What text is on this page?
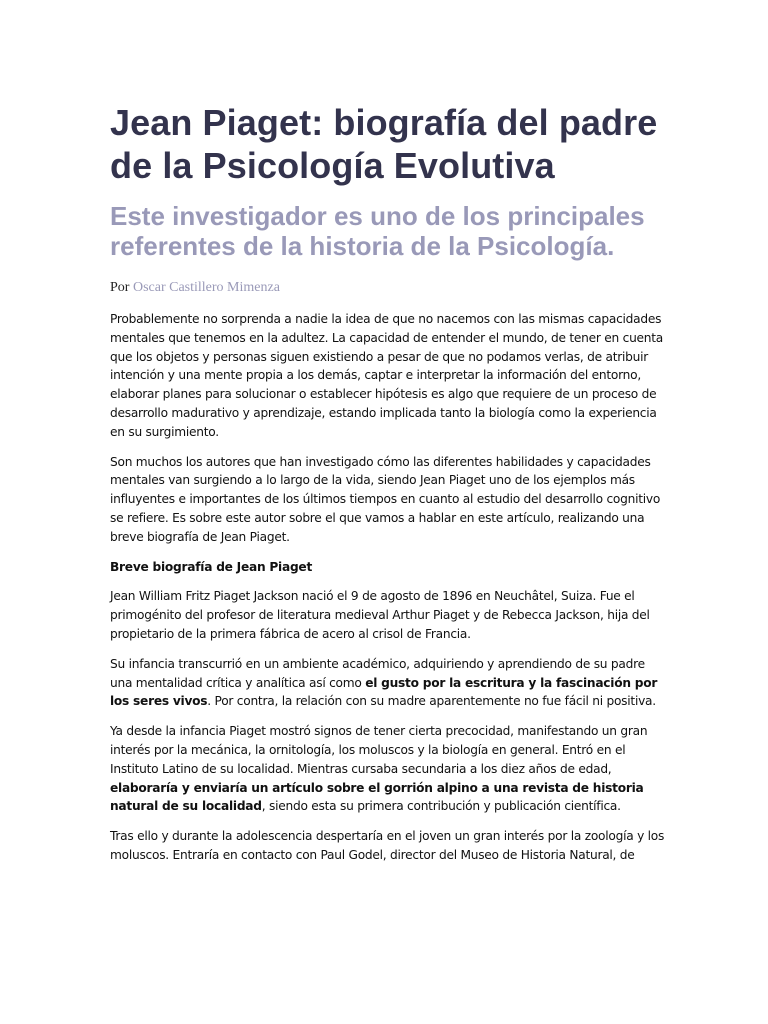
Jean Piaget: biografía del padre de la Psicología Evolutiva
Este investigador es uno de los principales referentes de la historia de la Psicología.
Por Oscar Castillero Mimenza

Probablemente no sorprenda a nadie la idea de que no nacemos con las mismas capacidades mentales que tenemos en la adultez. La capacidad de entender el mundo, de tener en cuenta que los objetos y personas siguen existiendo a pesar de que no podamos verlas, de atribuir intención y una mente propia a los demás, captar e interpretar la información del entorno, elaborar planes para solucionar o establecer hipótesis es algo que requiere de un proceso de desarrollo madurativo y aprendizaje, estando implicada tanto la biología como la experiencia en su surgimiento.

Son muchos los autores que han investigado cómo las diferentes habilidades y capacidades mentales van surgiendo a lo largo de la vida, siendo Jean Piaget uno de los ejemplos más influyentes e importantes de los últimos tiempos en cuanto al estudio del desarrollo cognitivo se refiere. Es sobre este autor sobre el que vamos a hablar en este artículo, realizando una breve biografía de Jean Piaget.

Breve biografía de Jean Piaget

Jean William Fritz Piaget Jackson nació el 9 de agosto de 1896 en Neuchâtel, Suiza. Fue el primogénito del profesor de literatura medieval Arthur Piaget y de Rebecca Jackson, hija del propietario de la primera fábrica de acero al crisol de Francia.

Su infancia transcurrió en un ambiente académico, adquiriendo y aprendiendo de su padre una mentalidad crítica y analítica así como el gusto por la escritura y la fascinación por los seres vivos. Por contra, la relación con su madre aparentemente no fue fácil ni positiva.

Ya desde la infancia Piaget mostró signos de tener cierta precocidad, manifestando un gran interés por la mecánica, la ornitología, los moluscos y la biología en general. Entró en el Instituto Latino de su localidad. Mientras cursaba secundaria a los diez años de edad, elaboraría y enviaría un artículo sobre el gorrión alpino a una revista de historia natural de su localidad, siendo esta su primera contribución y publicación científica.

Tras ello y durante la adolescencia despertaría en el joven un gran interés por la zoología y los moluscos. Entraría en contacto con Paul Godel, director del Museo de Historia Natural, de
